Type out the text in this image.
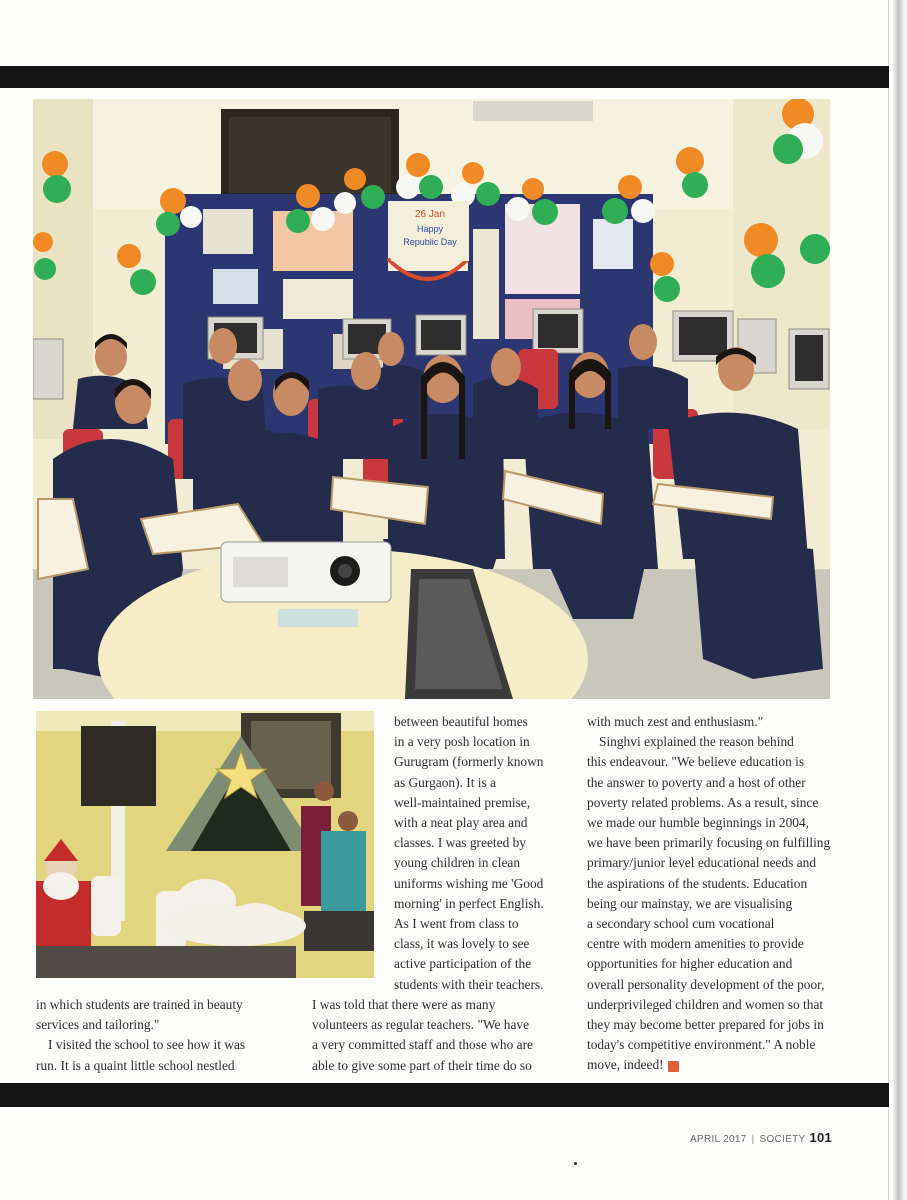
26 Jan
Happy
Republic Day

in which students are trained in beauty

services and tailoring."

I visited the school to see how it was

run. It is a quaint little school nestled

between beautiful homes

in a very posh location in

Gurugram (formerly known

as Gurgaon). It is a

well-maintained premise,

with a neat play area and

classes. I was greeted by

young children in clean

uniforms wishing me 'Good

morning' in perfect English.

As I went from class to

class, it was lovely to see

active participation of the

students with their teachers.

I was told that there were as many

volunteers as regular teachers. "We have

a very committed staff and those who are

able to give some part of their time do so

with much zest and enthusiasm."

Singhvi explained the reason behind

this endeavour. "We believe education is

the answer to poverty and a host of other

poverty related problems. As a result, since

we made our humble beginnings in 2004,

we have been primarily focusing on fulfilling

primary/junior level educational needs and

the aspirations of the students. Education

being our mainstay, we are visualising

a secondary school cum vocational

centre with modern amenities to provide

opportunities for higher education and

overall personality development of the poor,

underprivileged children and women so that

they may become better prepared for jobs in

today's competitive environment." A noble

move, indeed!

APRIL 2017 | SOCIETY 101
